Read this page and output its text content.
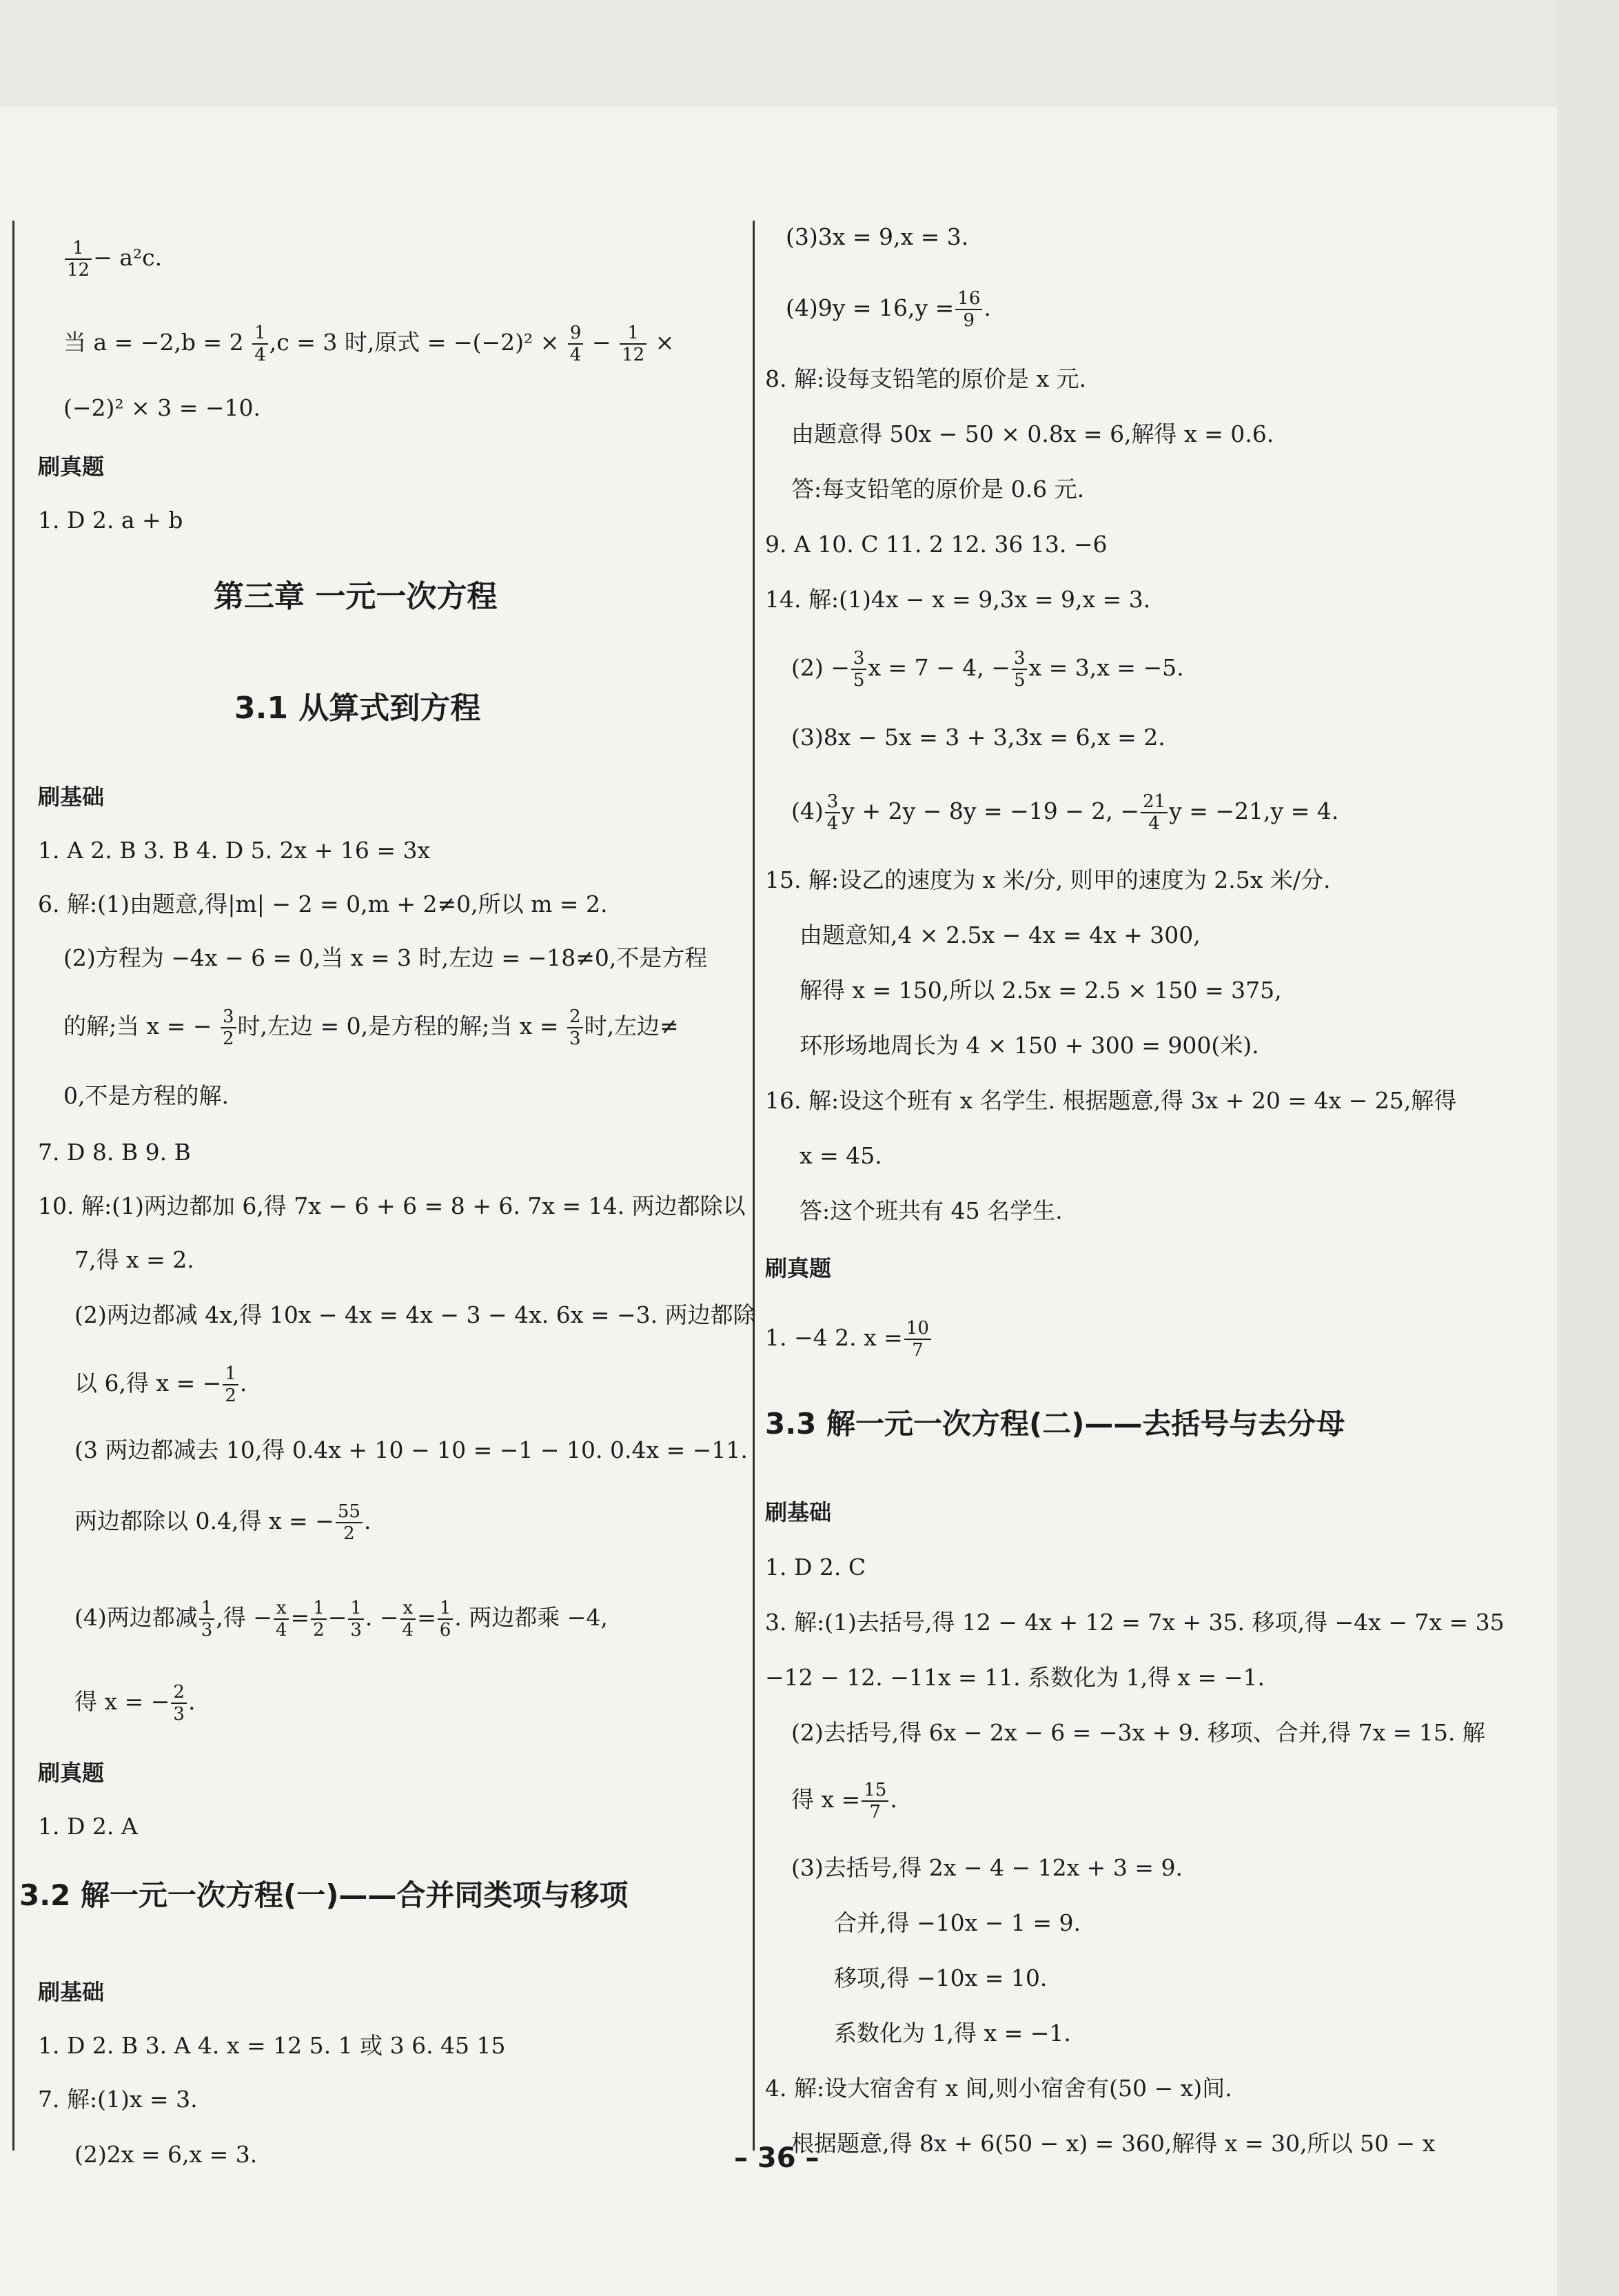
$\frac{1}{12} - a^2c$.
当 $a = -2,b = 2 \frac{1}{4} ,c = 3$ 时,原式 = $-(-2)^2 \times \frac{9}{4} - \frac{1}{12}$ ×
(−2)² × 3 = −10.
刷真题
1. D 2. a + b
第三章 一元一次方程
3.1 从算式到方程
刷基础
1. A 2. B 3. B 4. D 5. 2x + 16 = 3x
6. 解:(1)由题意,得|m| − 2 = 0,m + 2≠0,所以 m = 2.
(2)方程为 −4x − 6 = 0,当 x = 3 时,左边 = −18≠0,不是方程
的解;当 x = − $\frac{3}{2}$ 时,左边 = 0,是方程的解;当 $x = \frac{2}{3}$ 时,左边≠
0,不是方程的解.
7. D 8. B 9. B
10. 解:(1)两边都加 6,得 7x − 6 + 6 = 8 + 6. 7x = 14. 两边都除以
7,得 x = 2.
(2)两边都减 4x,得 10x − 4x = 4x − 3 − 4x. 6x = −3. 两边都除
以 6,得 x = − $\frac{1}{2}$ .
(3 两边都减去 10,得 0.4x + 10 − 10 = −1 − 10. 0.4x = −11.
两边都除以 0.4,得 x = − $\frac{55}{2}$ .
(4)两边都减 $\frac{1}{3}$ ,得 − $\frac{x}{4} = \frac{1}{2} - \frac{1}{3}$ . − $\frac{x}{4} = \frac{1}{6}$ . 两边都乘 −4,
得 x = − $\frac{2}{3}$ .
刷真题
1. D 2. A
3.2 解一元一次方程(一)——合并同类项与移项
刷基础
1. D 2. B 3. A 4. x = 12 5. 1 或 3 6. 45 15
7. 解:(1)x = 3.
(2)2x = 6,x = 3.
(3)3x = 9,x = 3.
$(4)9y = 16,y = \frac{16}{9}$ .
8. 解:设每支铅笔的原价是 x 元.
由题意得 50x − 50 × 0.8x = 6,解得 x = 0.6.
答:每支铅笔的原价是 0.6 元.
9. A 10. C 11. 2 12. 36 13. −6
14. 解:(1)4x − x = 9,3x = 9,x = 3.
$(2) - \frac{3}{5}$ x = 7 − 4, − $\frac{3}{5}$ x = 3,x = −5.
(3)8x − 5x = 3 + 3,3x = 6,x = 2.
$(4) \frac{3}{4}$ y + 2y − 8y = −19 − 2, − $\frac{21}{4}$ y = −21,y = 4.
15. 解:设乙的速度为 x 米/分, 则甲的速度为 2.5x 米/分.
由题意知,4 × 2.5x − 4x = 4x + 300,
解得 x = 150,所以 2.5x = 2.5 × 150 = 375,
环形场地周长为 4 × 150 + 300 = 900(米).
16. 解:设这个班有 x 名学生. 根据题意,得 3x + 20 = 4x − 25,解得
x = 45.
答:这个班共有 45 名学生.
刷真题
1. −4 2. $x = \frac{10}{7}$
3.3 解一元一次方程(二)——去括号与去分母
刷基础
1. D 2. C
3. 解:(1)去括号,得 12 − 4x + 12 = 7x + 35. 移项,得 −4x − 7x = 35
−12 − 12. −11x = 11. 系数化为 1,得 x = −1.
(2)去括号,得 6x − 2x − 6 = −3x + 9. 移项、合并,得 7x = 15. 解
得 $x = \frac{15}{7}$ .
(3)去括号,得 2x − 4 − 12x + 3 = 9.
合并,得 −10x − 1 = 9.
移项,得 −10x = 10.
系数化为 1,得 x = −1.
4. 解:设大宿舍有 x 间,则小宿舍有(50 − x)间.
根据题意,得 8x + 6(50 − x) = 360,解得 x = 30,所以 50 − x
– 36 –
